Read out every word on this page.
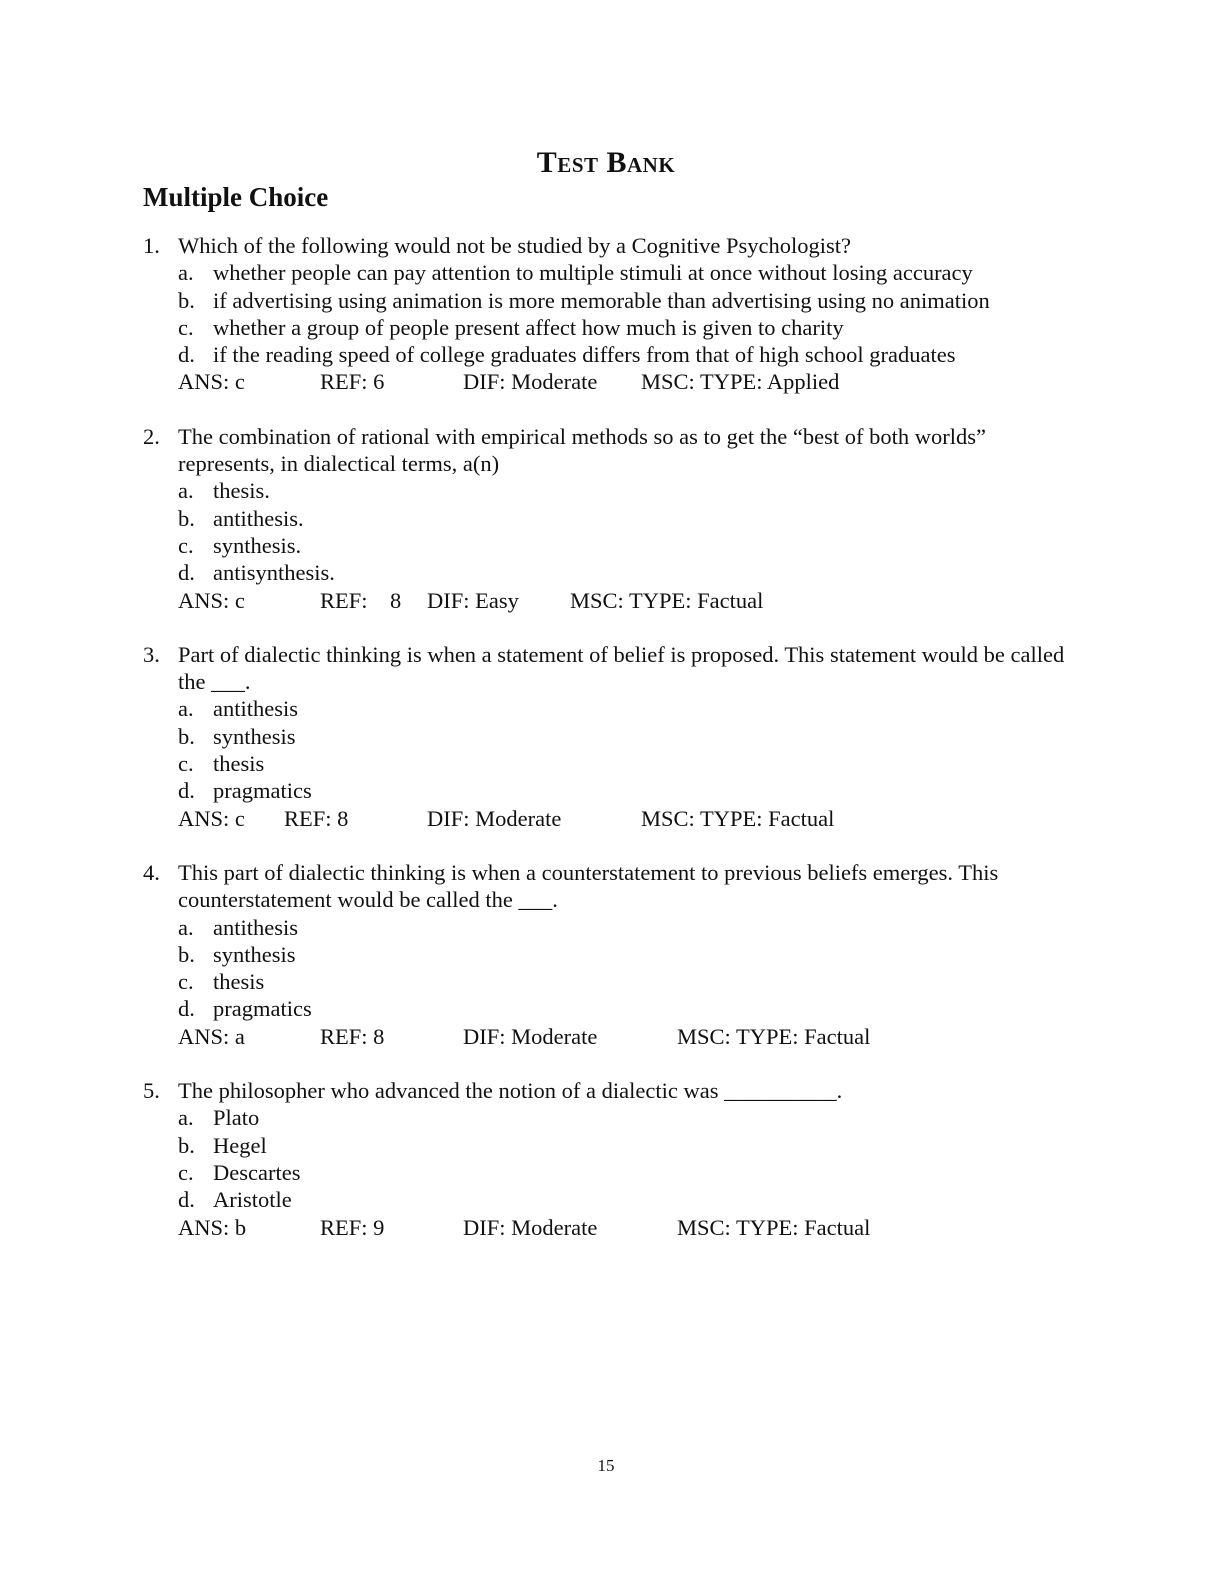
Test Bank
Multiple Choice
1. Which of the following would not be studied by a Cognitive Psychologist?
a. whether people can pay attention to multiple stimuli at once without losing accuracy
b. if advertising using animation is more memorable than advertising using no animation
c. whether a group of people present affect how much is given to charity
d. if the reading speed of college graduates differs from that of high school graduates
ANS: c	REF: 6	DIF: Moderate MSC: TYPE: Applied
2. The combination of rational with empirical methods so as to get the “best of both worlds” represents, in dialectical terms, a(n)
a. thesis.
b. antithesis.
c. synthesis.
d. antisynthesis.
ANS: c	REF:    8 DIF: Easy MSC: TYPE: Factual
3. Part of dialectic thinking is when a statement of belief is proposed. This statement would be called the ___.
a. antithesis
b. synthesis
c. thesis
d. pragmatics
ANS: c REF: 8	DIF: Moderate	MSC: TYPE: Factual
4. This part of dialectic thinking is when a counterstatement to previous beliefs emerges. This counterstatement would be called the ___.
a. antithesis
b. synthesis
c. thesis
d. pragmatics
ANS: a	REF: 8	DIF: Moderate	MSC: TYPE: Factual
5. The philosopher who advanced the notion of a dialectic was __________.
a. Plato
b. Hegel
c. Descartes
d. Aristotle
ANS: b	REF: 9	DIF: Moderate	MSC: TYPE: Factual
15
